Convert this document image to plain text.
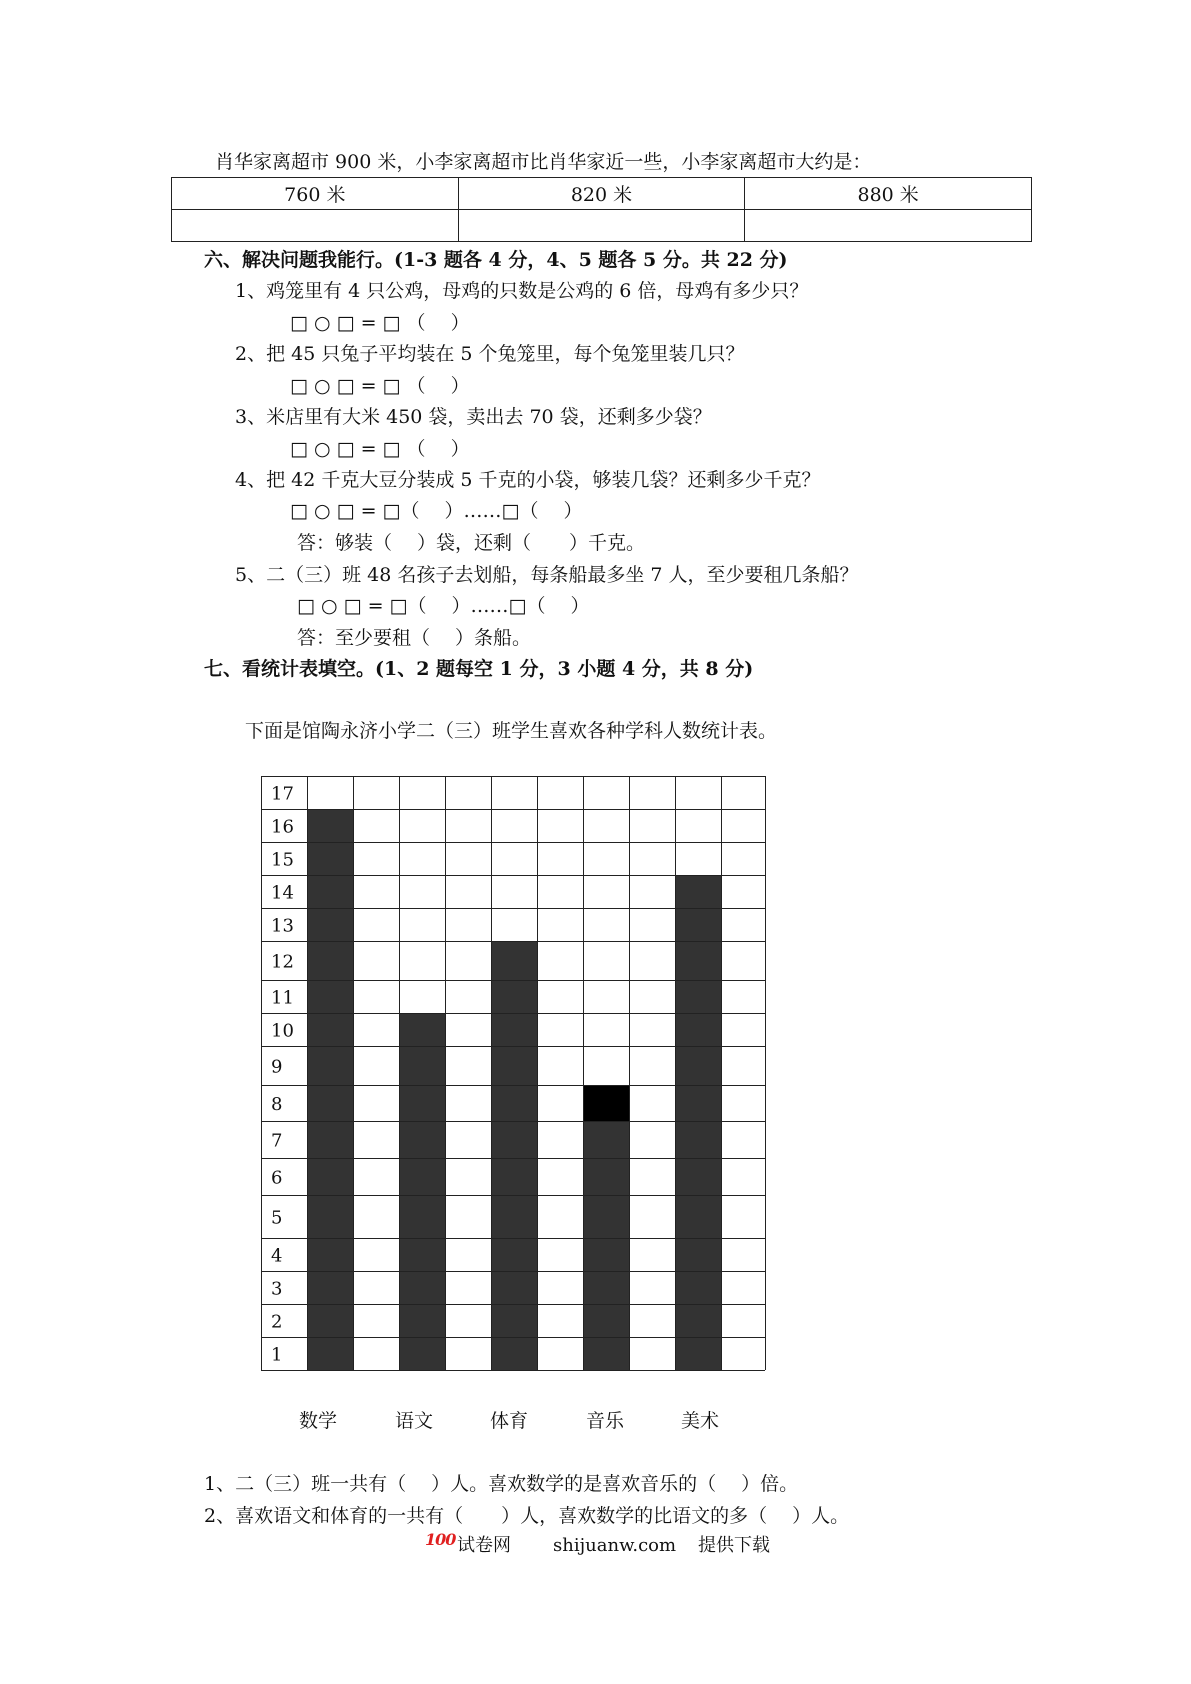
肖华家离超市 900 米，小李家离超市比肖华家近一些，小李家离超市大约是：
760 米	820 米	880 米

六、解决问题我能行。(1-3 题各 4 分，4、5 题各 5 分。共 22 分)
1、鸡笼里有 4 只公鸡，母鸡的只数是公鸡的 6 倍，母鸡有多少只？
□ ○ □ = □ （　 ）
2、把 45 只兔子平均装在 5 个兔笼里，每个兔笼里装几只？
□ ○ □ = □ （　 ）
3、米店里有大米 450 袋，卖出去 70 袋，还剩多少袋？
□ ○ □ = □ （　 ）
4、把 42 千克大豆分装成 5 千克的小袋，够装几袋？还剩多少千克？
□ ○ □ = □（　 ）……□（　 ）
答：够装（　 ）袋，还剩（　　）千克。
5、二（三）班 48 名孩子去划船，每条船最多坐 7 人，至少要租几条船？
□ ○ □ = □（　 ）……□（　 ）
答：至少要租（　 ）条船。
七、看统计表填空。(1、2 题每空 1 分，3 小题 4 分，共 8 分)
下面是馆陶永济小学二（三）班学生喜欢各种学科人数统计表。
1
2
3
4
5
6
7
8
9
10
11
12
13
14
15
16
17
数学	语文	体育	音乐	美术
1、二（三）班一共有（　 ）人。喜欢数学的是喜欢音乐的（　 ）倍。
2、喜欢语文和体育的一共有（　　）人，喜欢数学的比语文的多（　 ）人。
100 试卷网 shijuanw.com 提供下载
